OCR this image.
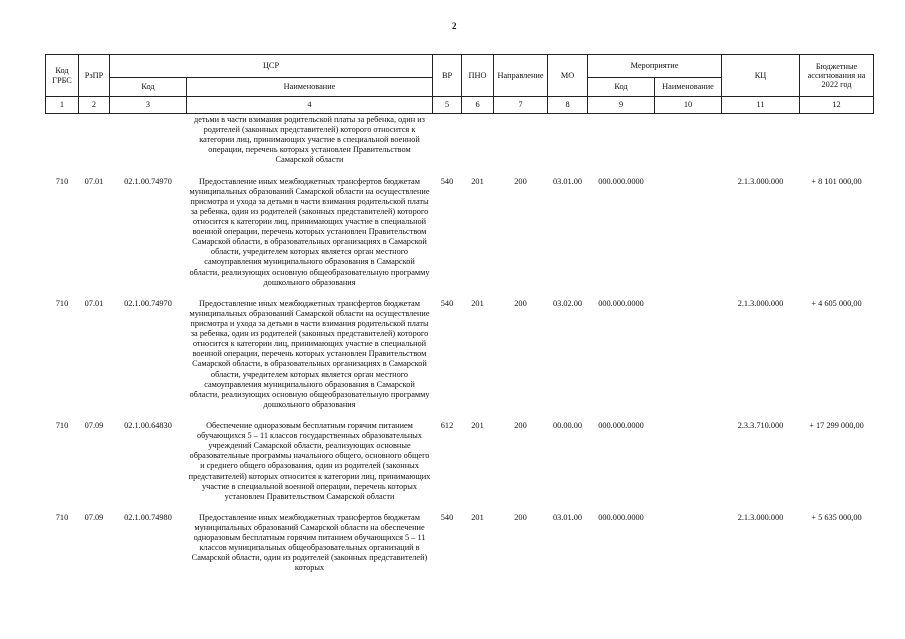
2
Код ГРБС	РзПР	ЦСР		ВР	ПНО	Направление	МО	Мероприятие		КЦ	Бюджетные ассигнования на 2022 год
		Код	Наименование					Код	Наименование		
1	2	3	4	5	6	7	8	9	10	11	12
			детьми в части взимания родительской платы за ребенка, один из родителей (законных представителей) которого относится к категории лиц, принимающих участие в специальной военной операции, перечень которых установлен Правительством Самарской области								

710	07.01	02.1.00.74970	Предоставление иных межбюджетных трансфертов бюджетам муниципальных образований Самарской области на осуществление присмотра и ухода за детьми в части взимания родительской платы за ребенка, один из родителей (законных представителей) которого относится к категории лиц, принимающих участие в специальной военной операции, перечень которых установлен Правительством Самарской области, в образовательных организациях в Самарской области, учредителем которых является орган местного самоуправления муниципального образования в Самарской области, реализующих основную общеобразовательную программу дошкольного образования	540	201	200	03.01.00	000.000.0000		2.1.3.000.000	+ 8 101 000,00

710	07.01	02.1.00.74970	Предоставление иных межбюджетных трансфертов бюджетам муниципальных образований Самарской области на осуществление присмотра и ухода за детьми в части взимания родительской платы за ребенка, один из родителей (законных представителей) которого относится к категории лиц, принимающих участие в специальной военной операции, перечень которых установлен Правительством Самарской области, в образовательных организациях в Самарской области, учредителем которых является орган местного самоуправления муниципального образования в Самарской области, реализующих основную общеобразовательную программу дошкольного образования	540	201	200	03.02.00	000.000.0000		2.1.3.000.000	+ 4 605 000,00

710	07.09	02.1.00.64830	Обеспечение одноразовым бесплатным горячим питанием обучающихся 5 – 11 классов государственных образовательных учреждений Самарской области, реализующих основные образовательные программы начального общего, основного общего и среднего общего образования, один из родителей (законных представителей) которых относится к категории лиц, принимающих участие в специальной военной операции, перечень которых установлен Правительством Самарской области	612	201	200	00.00.00	000.000.0000		2.3.3.710.000	+ 17 299 000,00

710	07.09	02.1.00.74980	Предоставление иных межбюджетных трансфертов бюджетам муниципальных образований Самарской области на обеспечение одноразовым бесплатным горячим питанием обучающихся 5 – 11 классов муниципальных общеобразовательных организаций в Самарской области, один из родителей (законных представителей) которых	540	201	200	03.01.00	000.000.0000		2.1.3.000.000	+ 5 635 000,00
